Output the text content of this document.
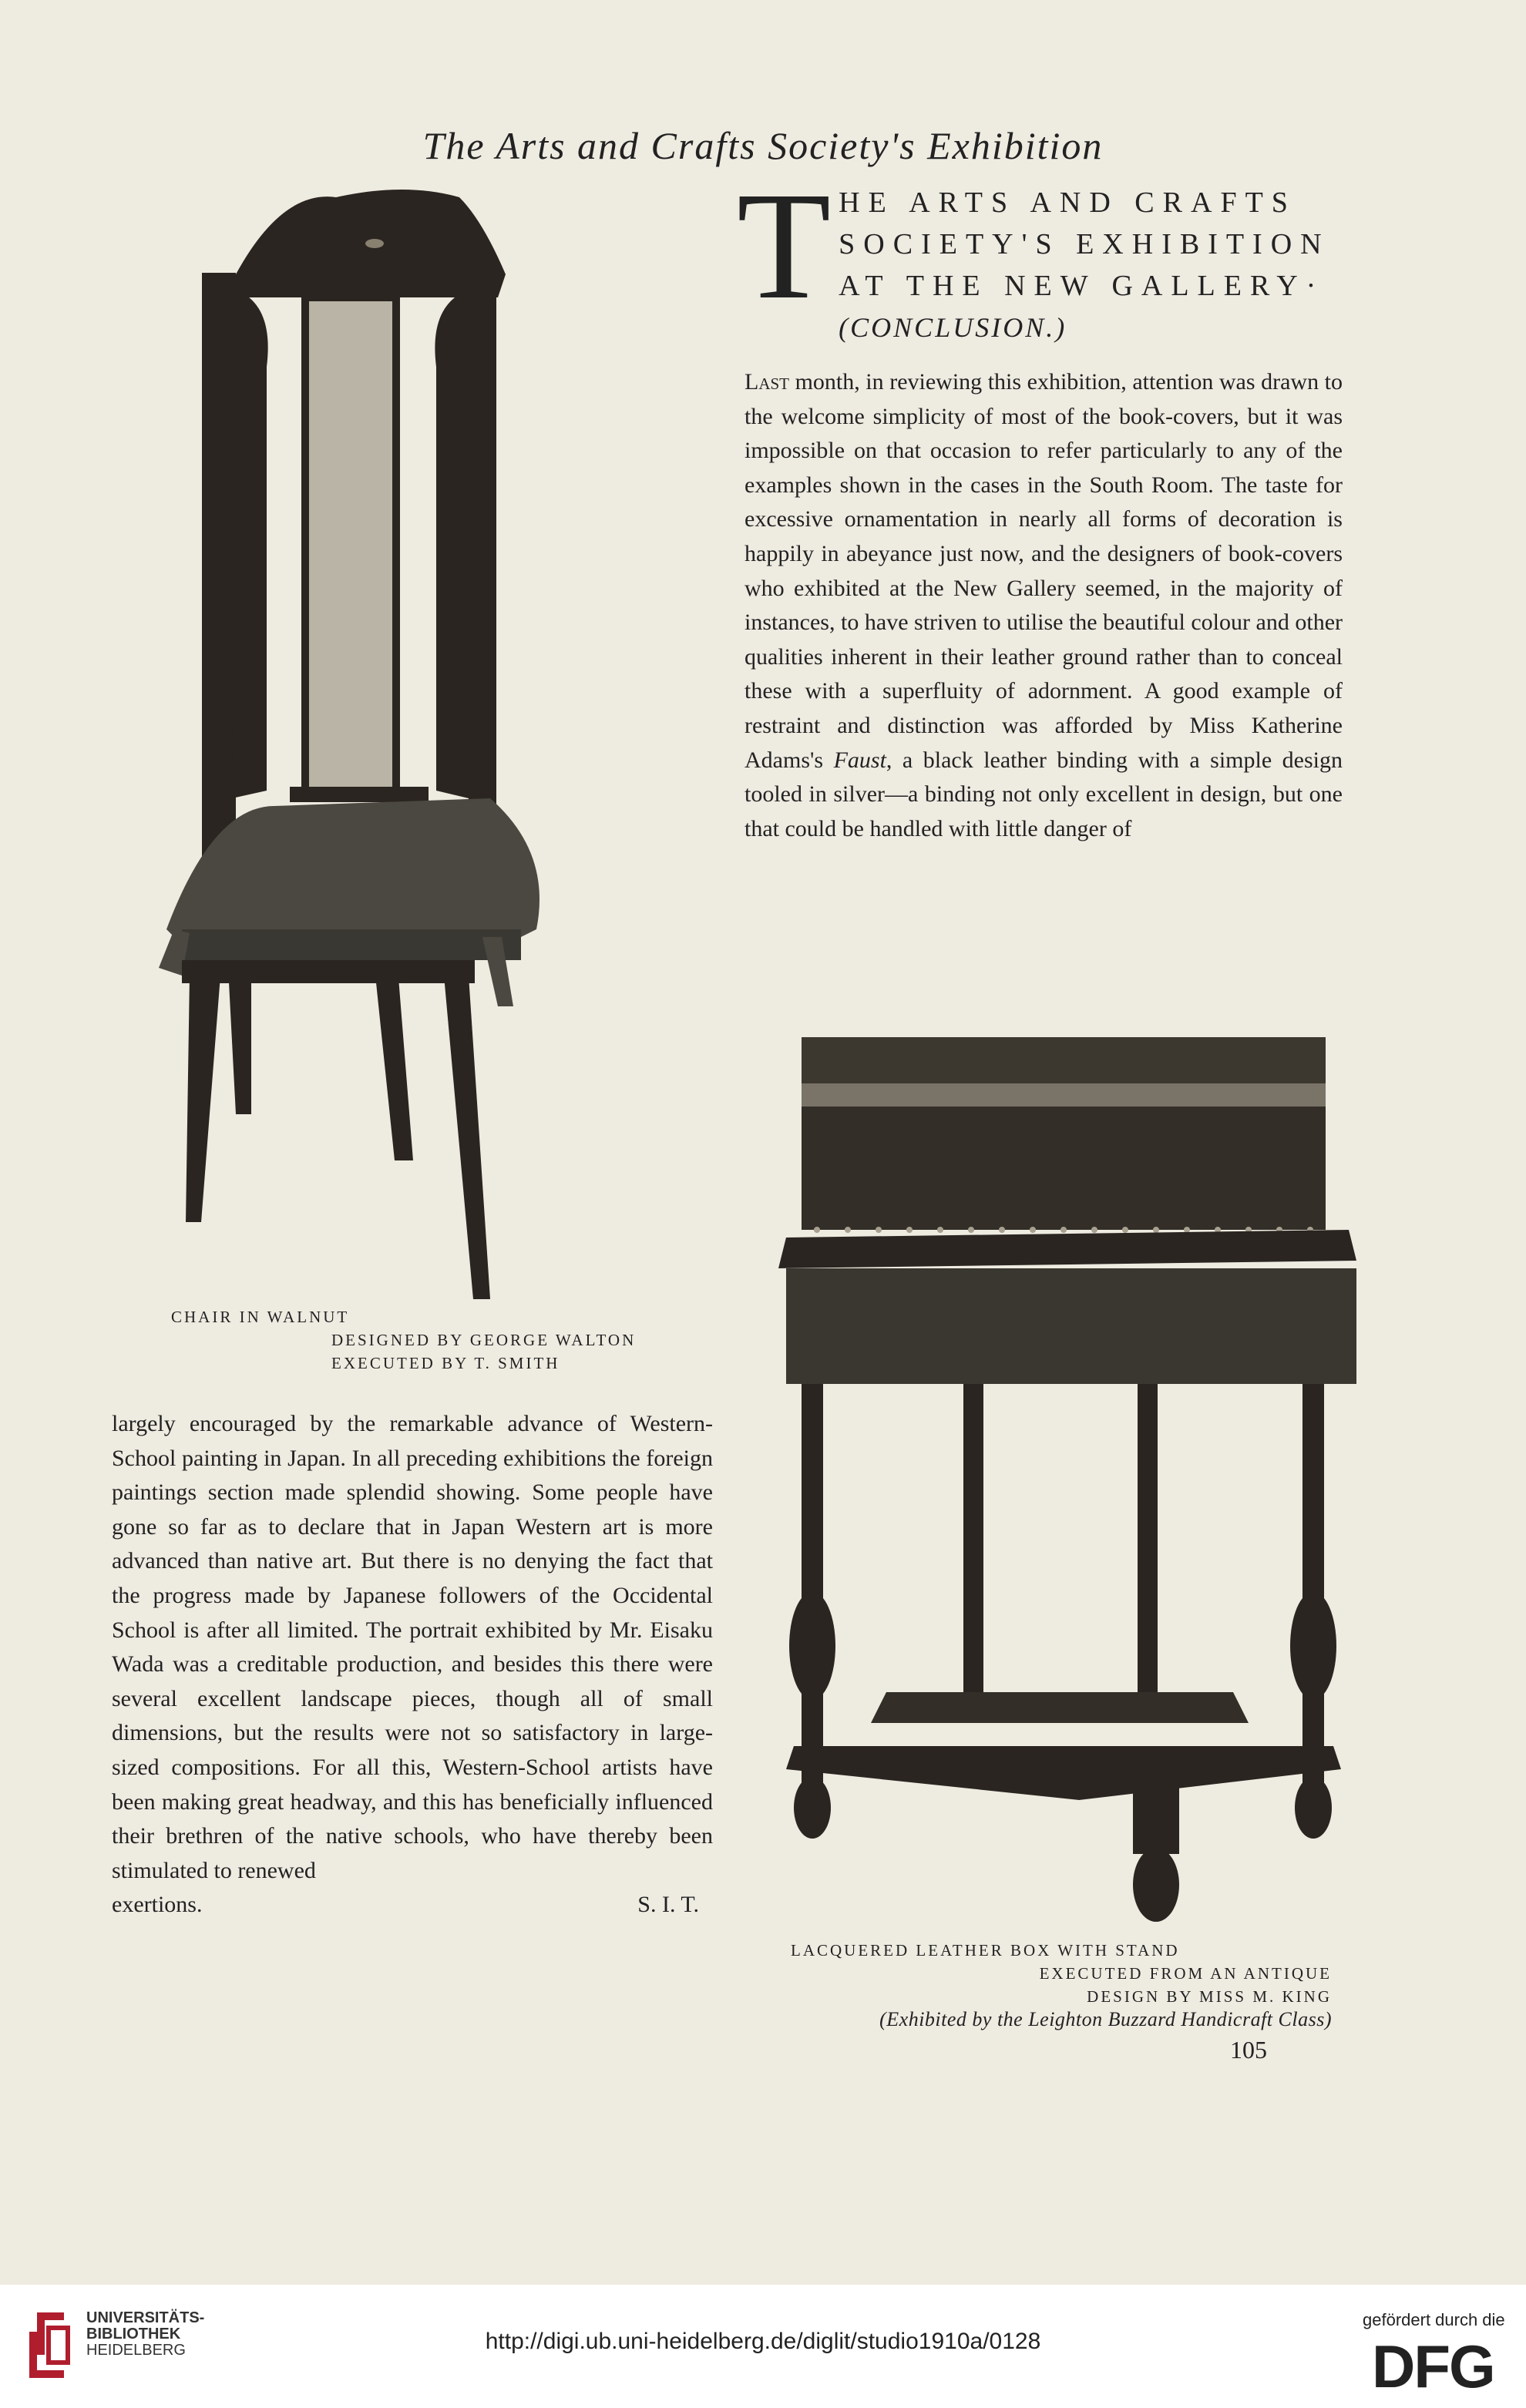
The Arts and Crafts Society's Exhibition
T HE ARTS AND CRAFTS
SOCIETY'S EXHIBITION
AT THE NEW GALLERY·
(CONCLUSION.)
Last month, in reviewing this exhibition, attention was drawn to the welcome simplicity of most of the book-covers, but it was impossible on that occasion to refer particularly to any of the examples shown in the cases in the South Room. The taste for excessive ornamentation in nearly all forms of decoration is happily in abeyance just now, and the designers of book-covers who exhibited at the New Gallery seemed, in the majority of instances, to have striven to utilise the beautiful colour and other qualities inherent in their leather ground rather than to conceal these with a superfluity of adornment. A good example of restraint and distinction was afforded by Miss Katherine Adams's Faust, a black leather binding with a simple design tooled in silver—a binding not only excellent in design, but one that could be handled with little danger of
CHAIR IN WALNUT
DESIGNED BY GEORGE WALTON
EXECUTED BY T. SMITH
largely encouraged by the remarkable advance of Western-School painting in Japan. In all preceding exhibitions the foreign paintings section made splendid showing. Some people have gone so far as to declare that in Japan Western art is more advanced than native art. But there is no denying the fact that the progress made by Japanese followers of the Occidental School is after all limited. The portrait exhibited by Mr. Eisaku Wada was a creditable production, and besides this there were several excellent landscape pieces, though all of small dimensions, but the results were not so satisfactory in large-sized compositions. For all this, Western-School artists have been making great headway, and this has beneficially influenced their brethren of the native schools, who have thereby been stimulated to renewed
exertions.	S. I. T.
LACQUERED LEATHER BOX WITH STAND
EXECUTED FROM AN ANTIQUE
DESIGN BY MISS M. KING
(Exhibited by the Leighton Buzzard Handicraft Class)
105
UNIVERSITÄTS-
BIBLIOTHEK
HEIDELBERG	http://digi.ub.uni-heidelberg.de/diglit/studio1910a/0128
gefördert durch die
DFG
